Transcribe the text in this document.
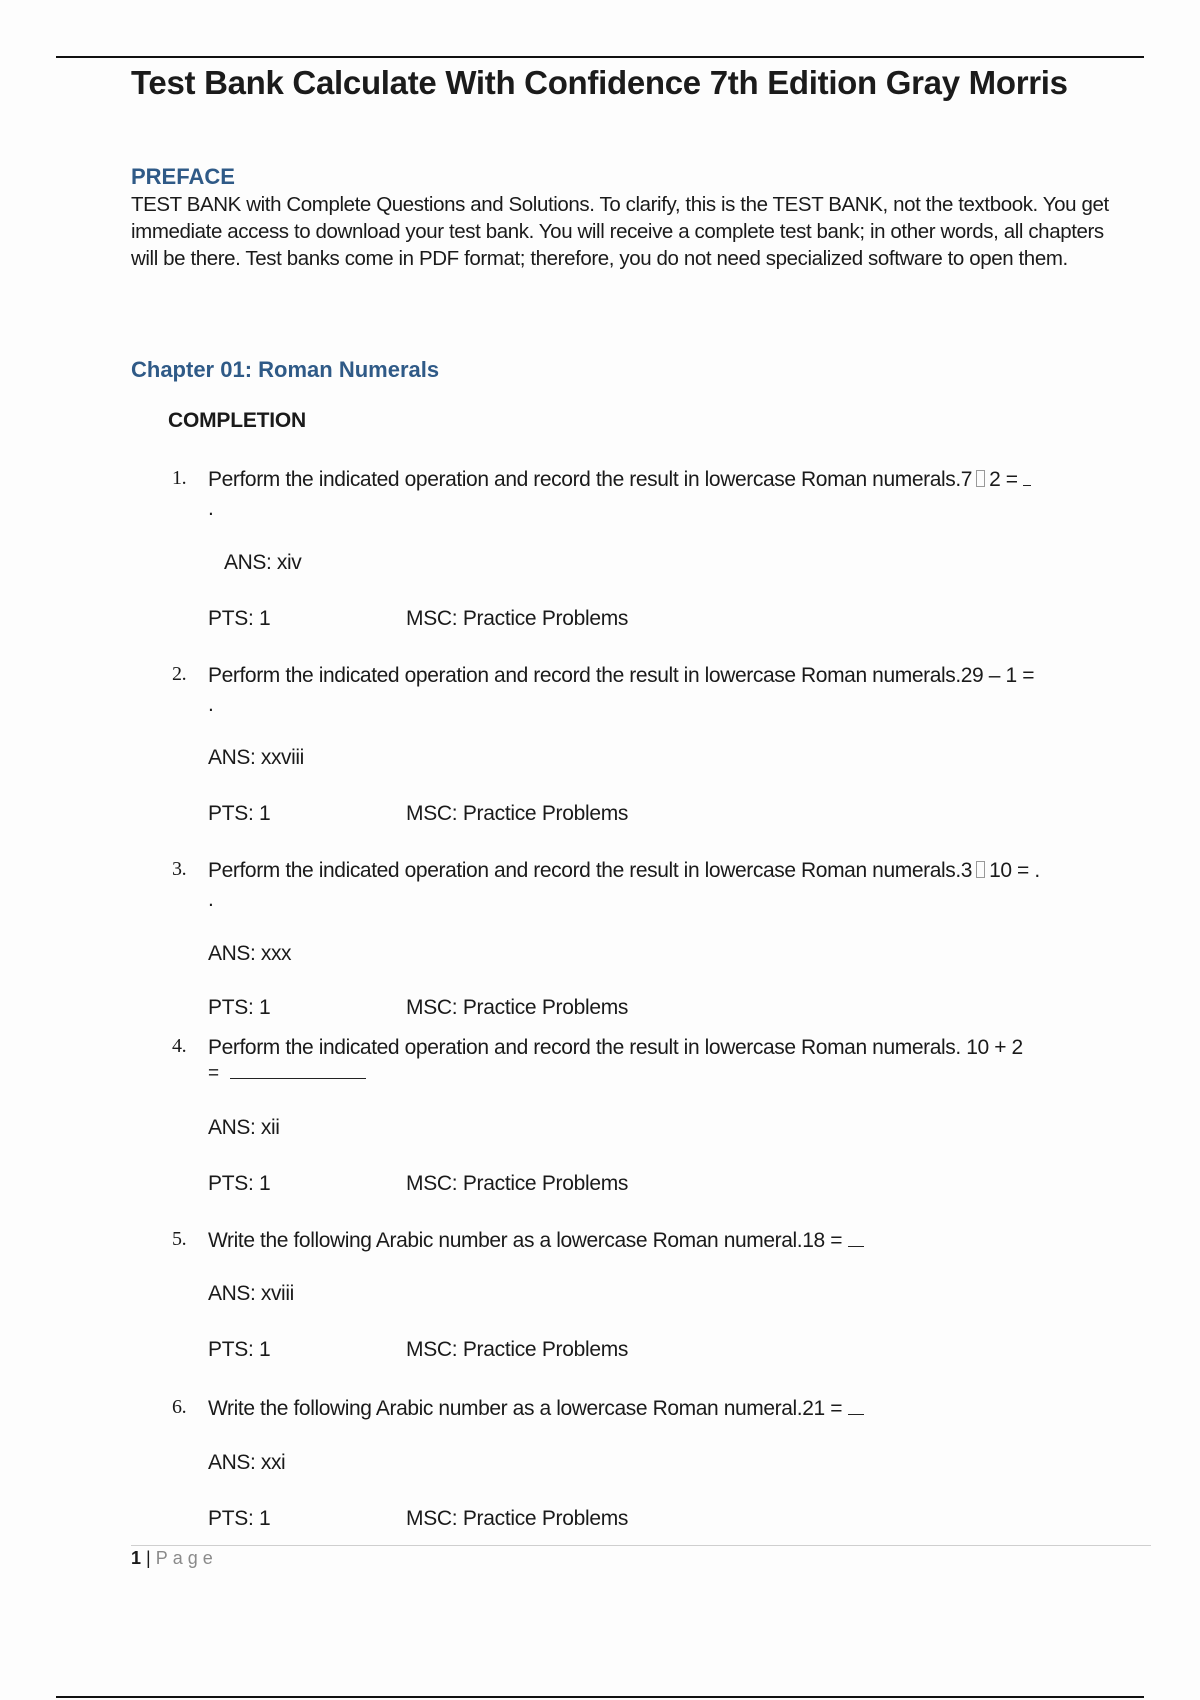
Test Bank Calculate With Confidence 7th Edition Gray Morris
PREFACE
TEST BANK with Complete Questions and Solutions. To clarify, this is the TEST BANK, not the textbook. You get immediate access to download your test bank. You will receive a complete test bank; in other words, all chapters will be there. Test banks come in PDF format; therefore, you do not need specialized software to open them.
Chapter 01: Roman Numerals
COMPLETION
1.	Perform the indicated operation and record the result in lowercase Roman numerals.7 2 =
.
ANS: xiv
PTS: 1	MSC: Practice Problems
2.	Perform the indicated operation and record the result in lowercase Roman numerals.29 – 1 =
.
ANS: xxviii
PTS: 1	MSC: Practice Problems
3.	Perform the indicated operation and record the result in lowercase Roman numerals.3 10 = .
.
ANS: xxx
PTS: 1	MSC: Practice Problems
4.	Perform the indicated operation and record the result in lowercase Roman numerals. 10 + 2
=
ANS: xii
PTS: 1	MSC: Practice Problems
5.	Write the following Arabic number as a lowercase Roman numeral.18 =
ANS: xviii
PTS: 1	MSC: Practice Problems
6.	Write the following Arabic number as a lowercase Roman numeral.21 =
ANS: xxi
PTS: 1	MSC: Practice Problems
1 | Page
